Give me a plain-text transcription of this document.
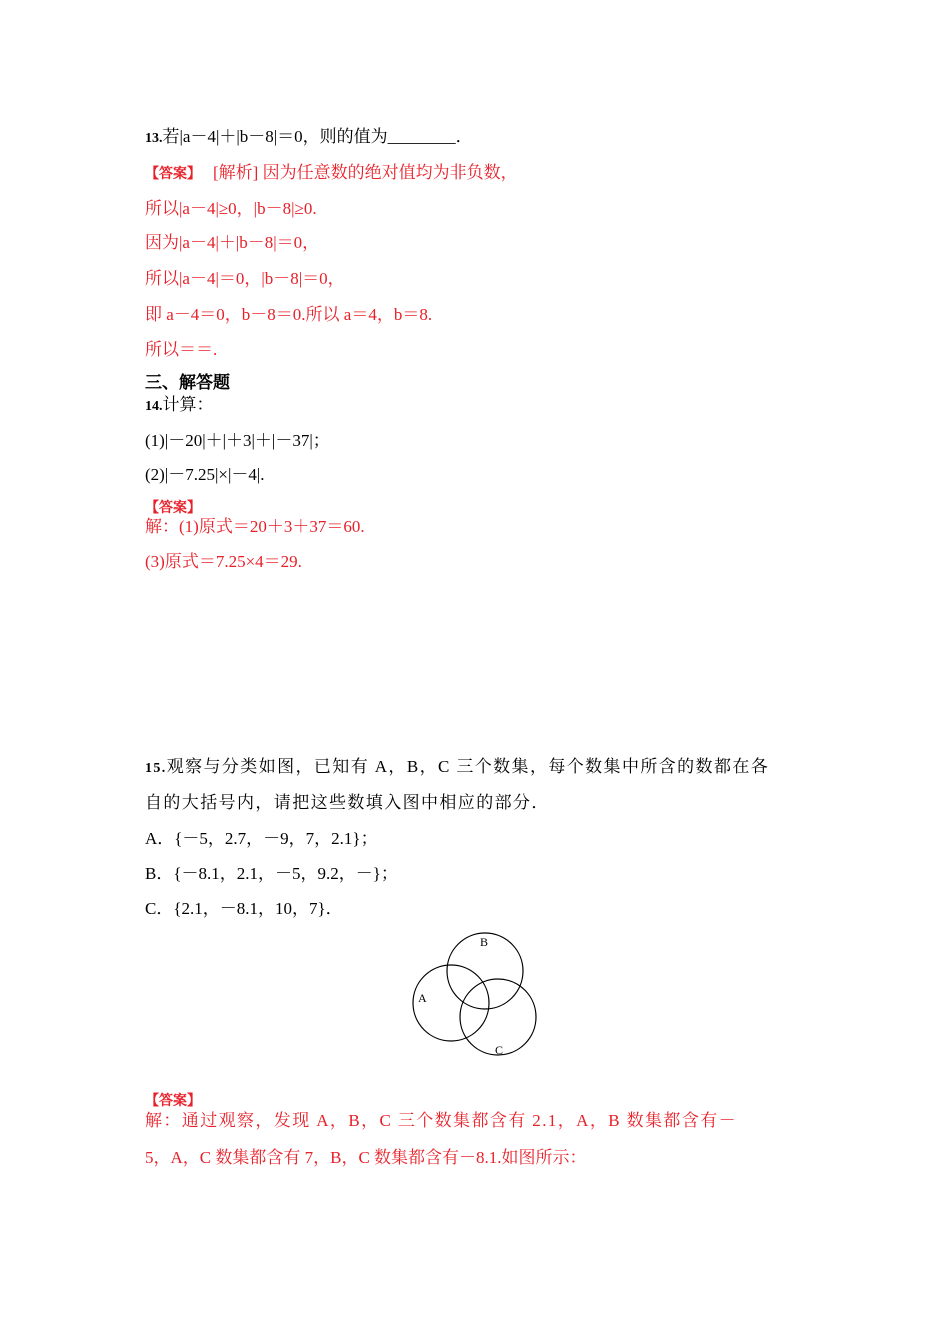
13.若|a－4|＋|b－8|＝0，则的值为________．
【答案】 [解析] 因为任意数的绝对值均为非负数，
所以|a－4|≥0，|b－8|≥0.
因为|a－4|＋|b－8|＝0，
所以|a－4|＝0，|b－8|＝0，
即 a－4＝0，b－8＝0.所以 a＝4，b＝8.
所以＝＝.
三、解答题
14.计算：
(1)|－20|＋|＋3|＋|－37|；
(2)|－7.25|×|－4|.
【答案】
解：(1)原式＝20＋3＋37＝60.
(3)原式＝7.25×4＝29.
15.观察与分类如图，已知有 A，B，C 三个数集，每个数集中所含的数都在各
自的大括号内，请把这些数填入图中相应的部分．
A．{－5，2.7，－9，7，2.1}；
B．{－8.1，2.1，－5，9.2，－}；
C．{2.1，－8.1，10，7}．
B
A
C
【答案】
解：通过观察，发现 A，B，C 三个数集都含有 2.1，A，B 数集都含有－
5，A，C 数集都含有 7，B，C 数集都含有－8.1.如图所示：
